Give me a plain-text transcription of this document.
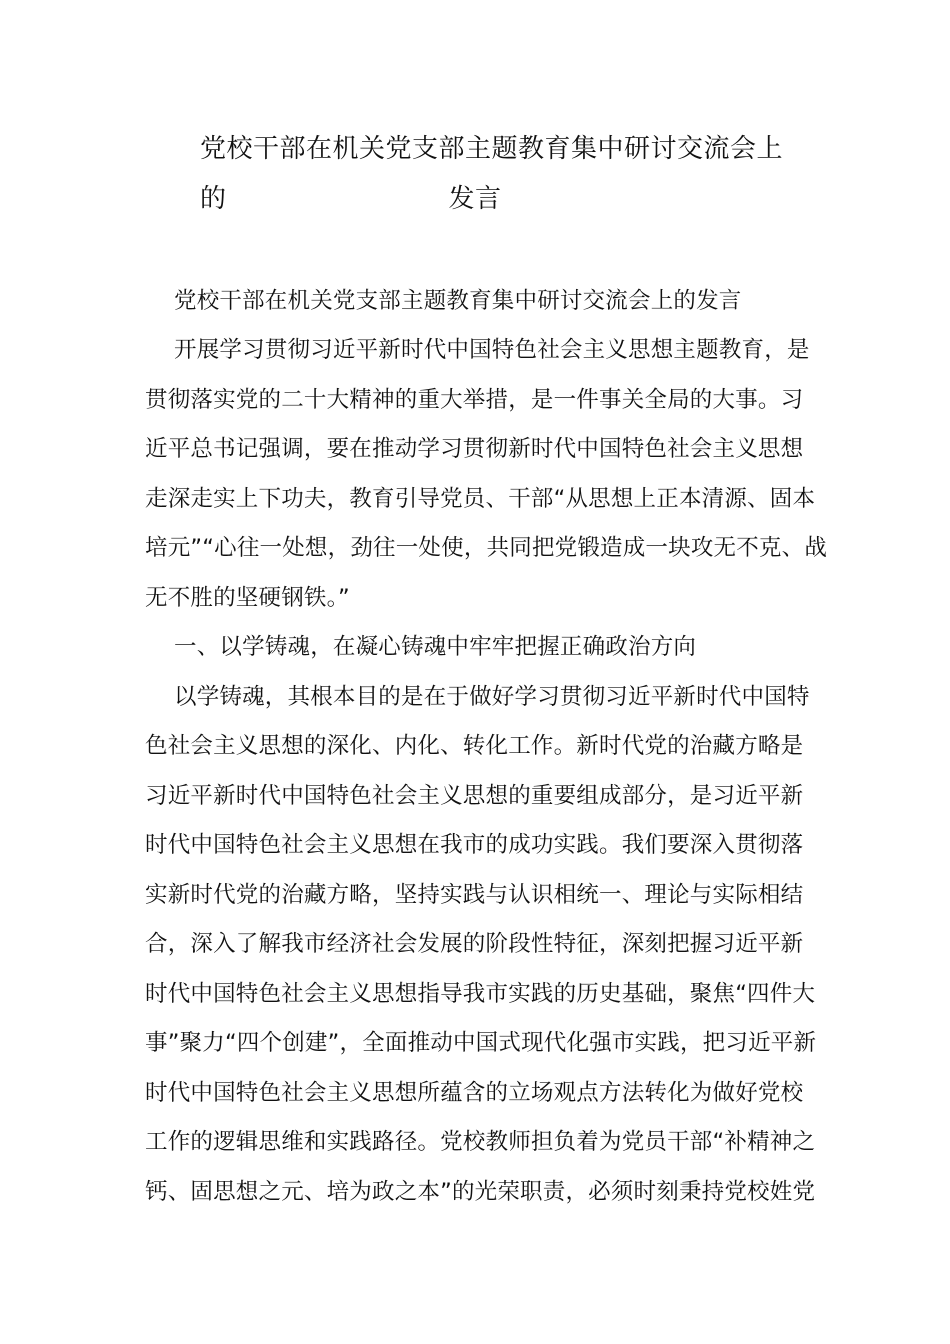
党校干部在机关党支部主题教育集中研讨交流会上的	发言
党校干部在机关党支部主题教育集中研讨交流会上的发言
开展学习贯彻习近平新时代中国特色社会主义思想主题教育，是
贯彻落实党的二十大精神的重大举措，是一件事关全局的大事。习
近平总书记强调，要在推动学习贯彻新时代中国特色社会主义思想
走深走实上下功夫，教育引导党员、干部“从思想上正本清源、固本
培元”“心往一处想，劲往一处使，共同把党锻造成一块攻无不克、战
无不胜的坚硬钢铁。”
一、以学铸魂，在凝心铸魂中牢牢把握正确政治方向
以学铸魂，其根本目的是在于做好学习贯彻习近平新时代中国特
色社会主义思想的深化、内化、转化工作。新时代党的治藏方略是
习近平新时代中国特色社会主义思想的重要组成部分，是习近平新
时代中国特色社会主义思想在我市的成功实践。我们要深入贯彻落
实新时代党的治藏方略，坚持实践与认识相统一、理论与实际相结
合，深入了解我市经济社会发展的阶段性特征，深刻把握习近平新
时代中国特色社会主义思想指导我市实践的历史基础，聚焦“四件大
事”聚力“四个创建”，全面推动中国式现代化强市实践，把习近平新
时代中国特色社会主义思想所蕴含的立场观点方法转化为做好党校
工作的逻辑思维和实践路径。党校教师担负着为党员干部“补精神之
钙、固思想之元、培为政之本”的光荣职责，必须时刻秉持党校姓党
